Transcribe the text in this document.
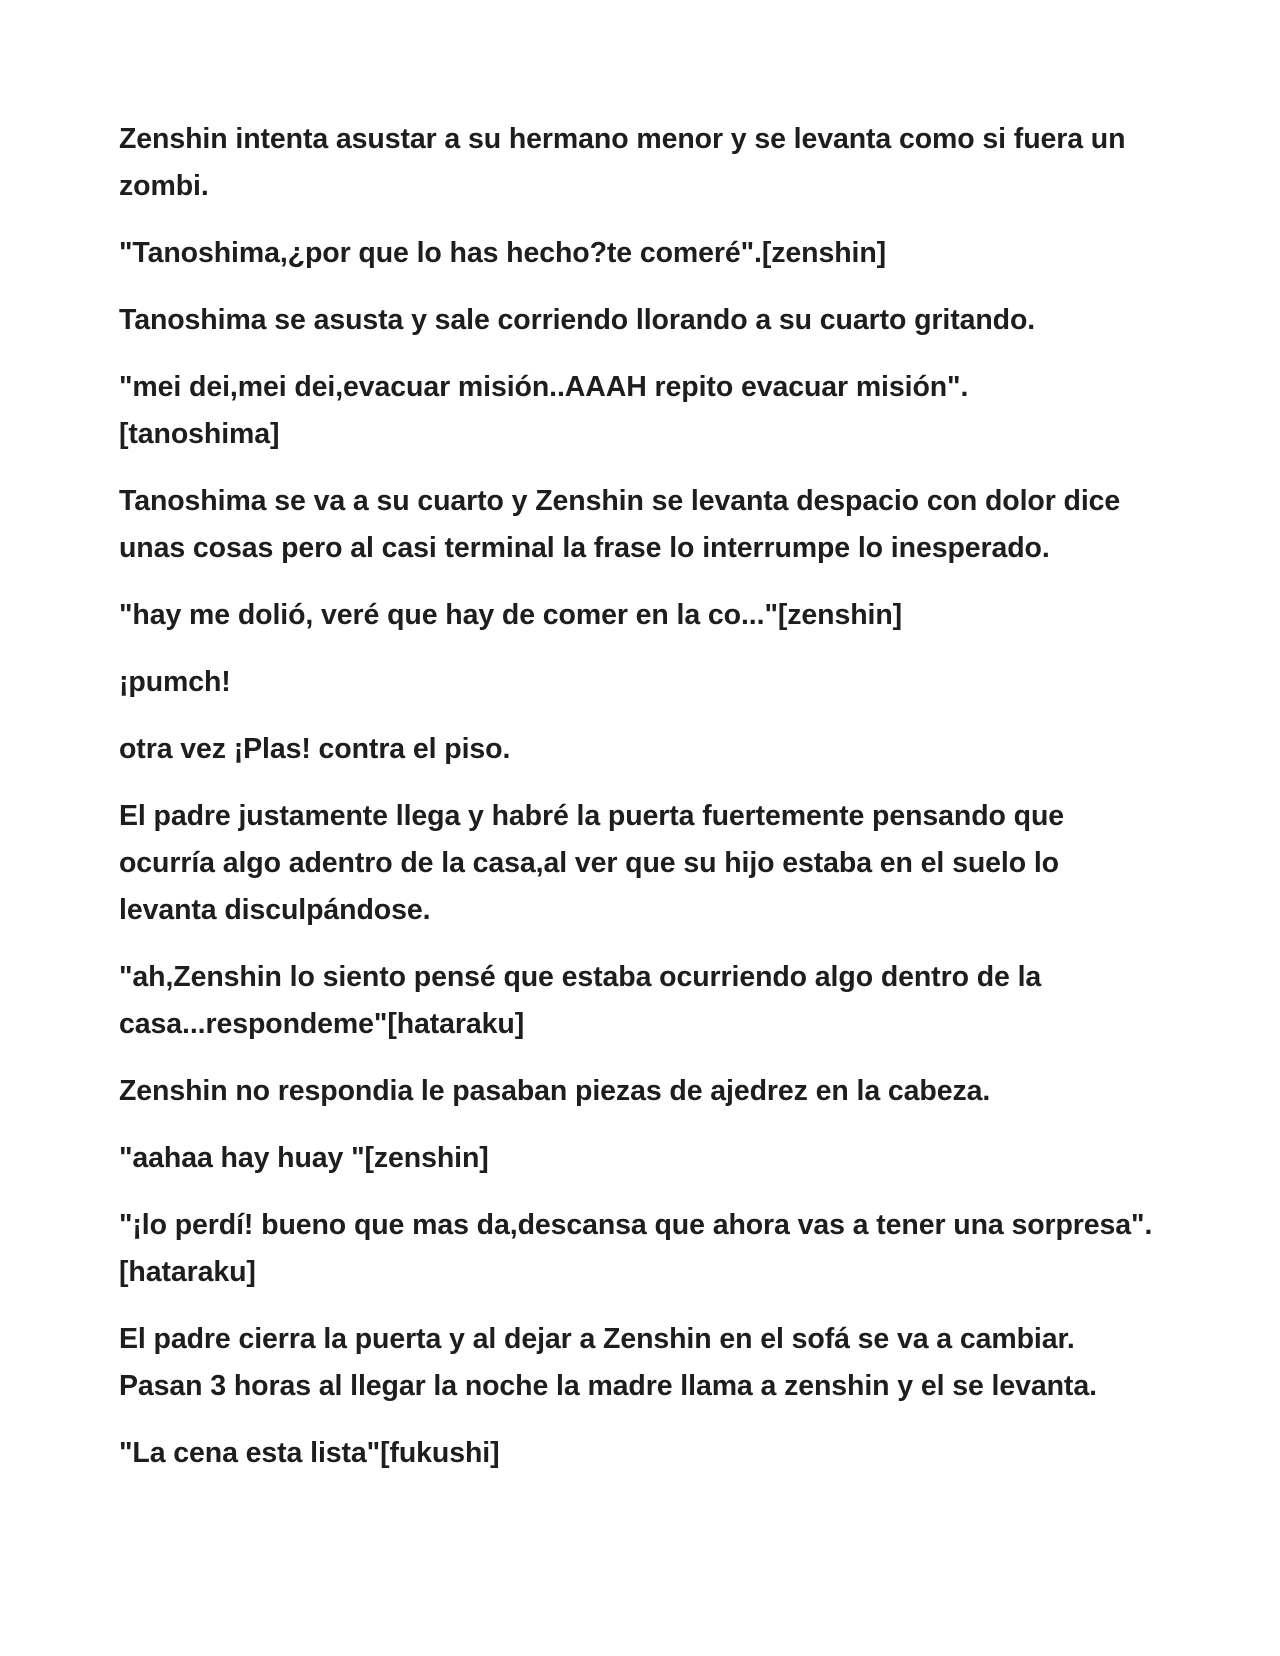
Zenshin intenta asustar a su hermano menor y se levanta como si fuera un zombi.

"Tanoshima,¿por que lo has hecho?te comeré".[zenshin]

Tanoshima se asusta y sale corriendo llorando a su cuarto gritando.

"mei dei,mei dei,evacuar misión..AAAH repito evacuar misión".
[tanoshima]

Tanoshima se va a su cuarto y Zenshin se levanta despacio con dolor dice unas cosas pero al casi terminal la frase lo interrumpe lo inesperado.

"hay me dolió, veré que hay de comer en la co..."[zenshin]

¡pumch!

otra vez ¡Plas! contra el piso.

El padre justamente llega y habré la puerta fuertemente pensando que ocurría algo adentro de la casa,al ver que su hijo estaba en el suelo lo levanta disculpándose.

"ah,Zenshin lo siento pensé que estaba ocurriendo algo dentro de la casa...respondeme"[hataraku]

Zenshin no respondia le pasaban piezas de ajedrez en la cabeza.

"aahaa hay huay "[zenshin]

"¡lo perdí! bueno que mas da,descansa que ahora vas a tener una sorpresa".[hataraku]

El padre cierra la puerta y al dejar a Zenshin en el sofá se va a cambiar.
Pasan 3 horas al llegar la noche la madre llama a zenshin y el se levanta.

"La cena esta lista"[fukushi]
